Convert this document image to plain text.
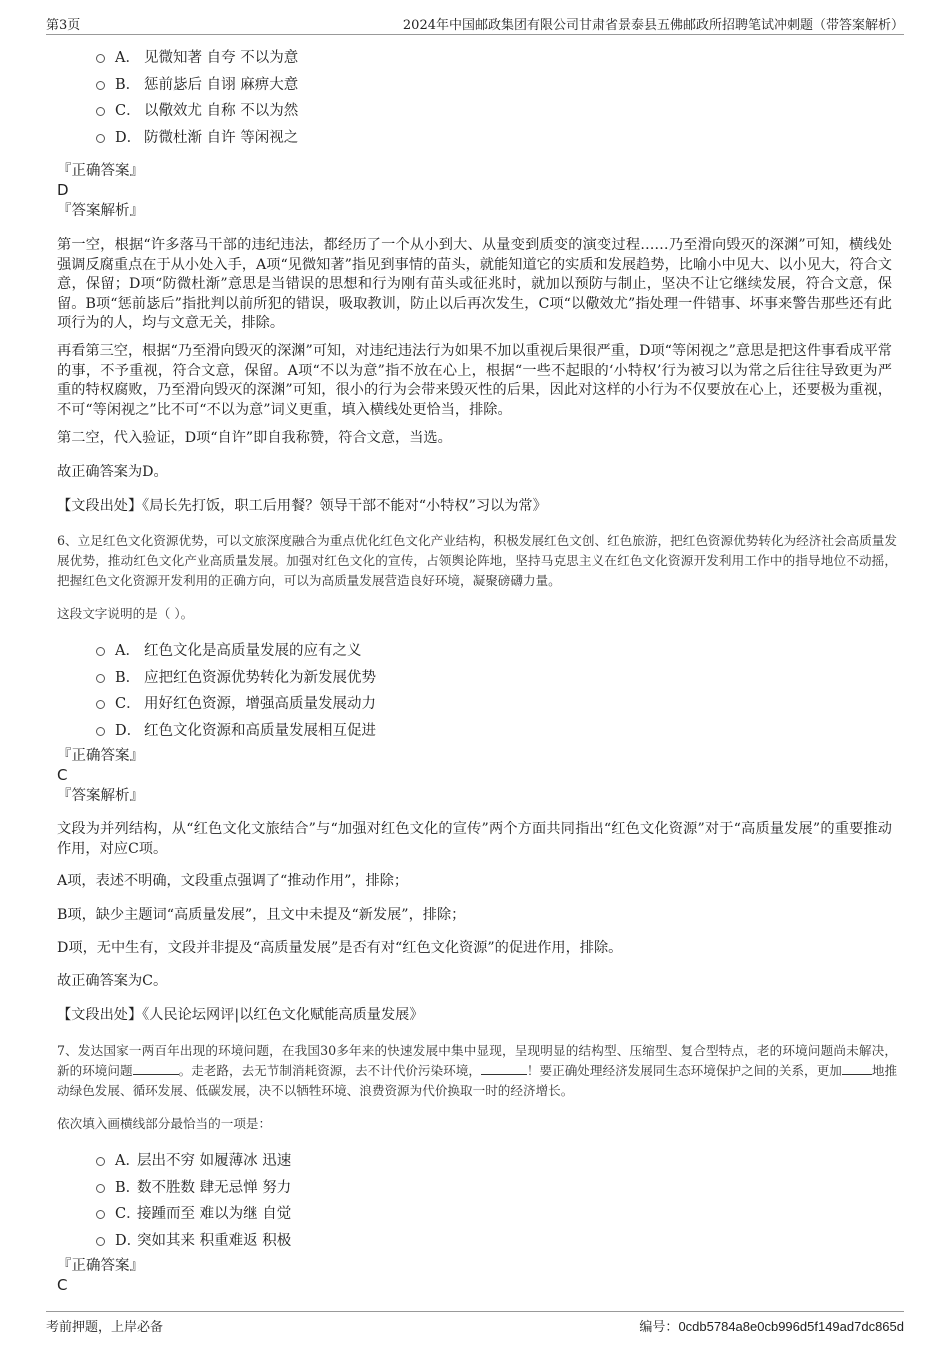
第3页	2024年中国邮政集团有限公司甘肃省景泰县五佛邮政所招聘笔试冲刺题（带答案解析）
A． 见微知著 自夸 不以为意
B． 惩前毖后 自诩 麻痹大意
C． 以儆效尤 自称 不以为然
D． 防微杜渐 自许 等闲视之
『正确答案』
D
『答案解析』
第一空，根据“许多落马干部的违纪违法，都经历了一个从小到大、从量变到质变的演变过程……乃至滑向毁灭的深渊”可知，横线处强调反腐重点在于从小处入手，A项“见微知著”指见到事情的苗头，就能知道它的实质和发展趋势，比喻小中见大、以小见大，符合文意，保留；D项“防微杜渐”意思是当错误的思想和行为刚有苗头或征兆时，就加以预防与制止，坚决不让它继续发展，符合文意，保留。B项“惩前毖后”指批判以前所犯的错误，吸取教训，防止以后再次发生，C项“以儆效尤”指处理一件错事、坏事来警告那些还有此项行为的人，均与文意无关，排除。
再看第三空，根据“乃至滑向毁灭的深渊”可知，对违纪违法行为如果不加以重视后果很严重，D项“等闲视之”意思是把这件事看成平常的事，不予重视，符合文意，保留。A项“不以为意”指不放在心上，根据“一些不起眼的‘小特权’行为被习以为常之后往往导致更为严重的特权腐败，乃至滑向毁灭的深渊”可知，很小的行为会带来毁灭性的后果，因此对这样的小行为不仅要放在心上，还要极为重视，不可“等闲视之”比不可“不以为意”词义更重，填入横线处更恰当，排除。
第二空，代入验证，D项“自许”即自我称赞，符合文意，当选。
故正确答案为D。
【文段出处】《局长先打饭，职工后用餐？领导干部不能对“小特权”习以为常》
6、立足红色文化资源优势，可以文旅深度融合为重点优化红色文化产业结构，积极发展红色文创、红色旅游，把红色资源优势转化为经济社会高质量发展优势，推动红色文化产业高质量发展。加强对红色文化的宣传，占领舆论阵地，坚持马克思主义在红色文化资源开发利用工作中的指导地位不动摇，把握红色文化资源开发利用的正确方向，可以为高质量发展营造良好环境，凝聚磅礴力量。
这段文字说明的是（ ）。
A． 红色文化是高质量发展的应有之义
B． 应把红色资源优势转化为新发展优势
C． 用好红色资源，增强高质量发展动力
D． 红色文化资源和高质量发展相互促进
『正确答案』
C
『答案解析』
文段为并列结构，从“红色文化文旅结合”与“加强对红色文化的宣传”两个方面共同指出“红色文化资源”对于“高质量发展”的重要推动作用，对应C项。
A项，表述不明确，文段重点强调了“推动作用”，排除；
B项，缺少主题词“高质量发展”，且文中未提及“新发展”，排除；
D项，无中生有，文段并非提及“高质量发展”是否有对“红色文化资源”的促进作用，排除。
故正确答案为C。
【文段出处】《人民论坛网评|以红色文化赋能高质量发展》
7、发达国家一两百年出现的环境问题，在我国30多年来的快速发展中集中显现，呈现明显的结构型、压缩型、复合型特点，老的环境问题尚未解决，新的环境问题	。走老路，去无节制消耗资源，去不计代价污染环境，	！要正确处理经济发展同生态环境保护之间的关系，更加 地推动绿色发展、循环发展、低碳发展，决不以牺牲环境、浪费资源为代价换取一时的经济增长。
依次填入画横线部分最恰当的一项是：
A．层出不穷 如履薄冰 迅速
B．数不胜数 肆无忌惮 努力
C．接踵而至 难以为继 自觉
D．突如其来 积重难返 积极
『正确答案』
C
考前押题，上岸必备	编号：0cdb5784a8e0cb996d5f149ad7dc865d
